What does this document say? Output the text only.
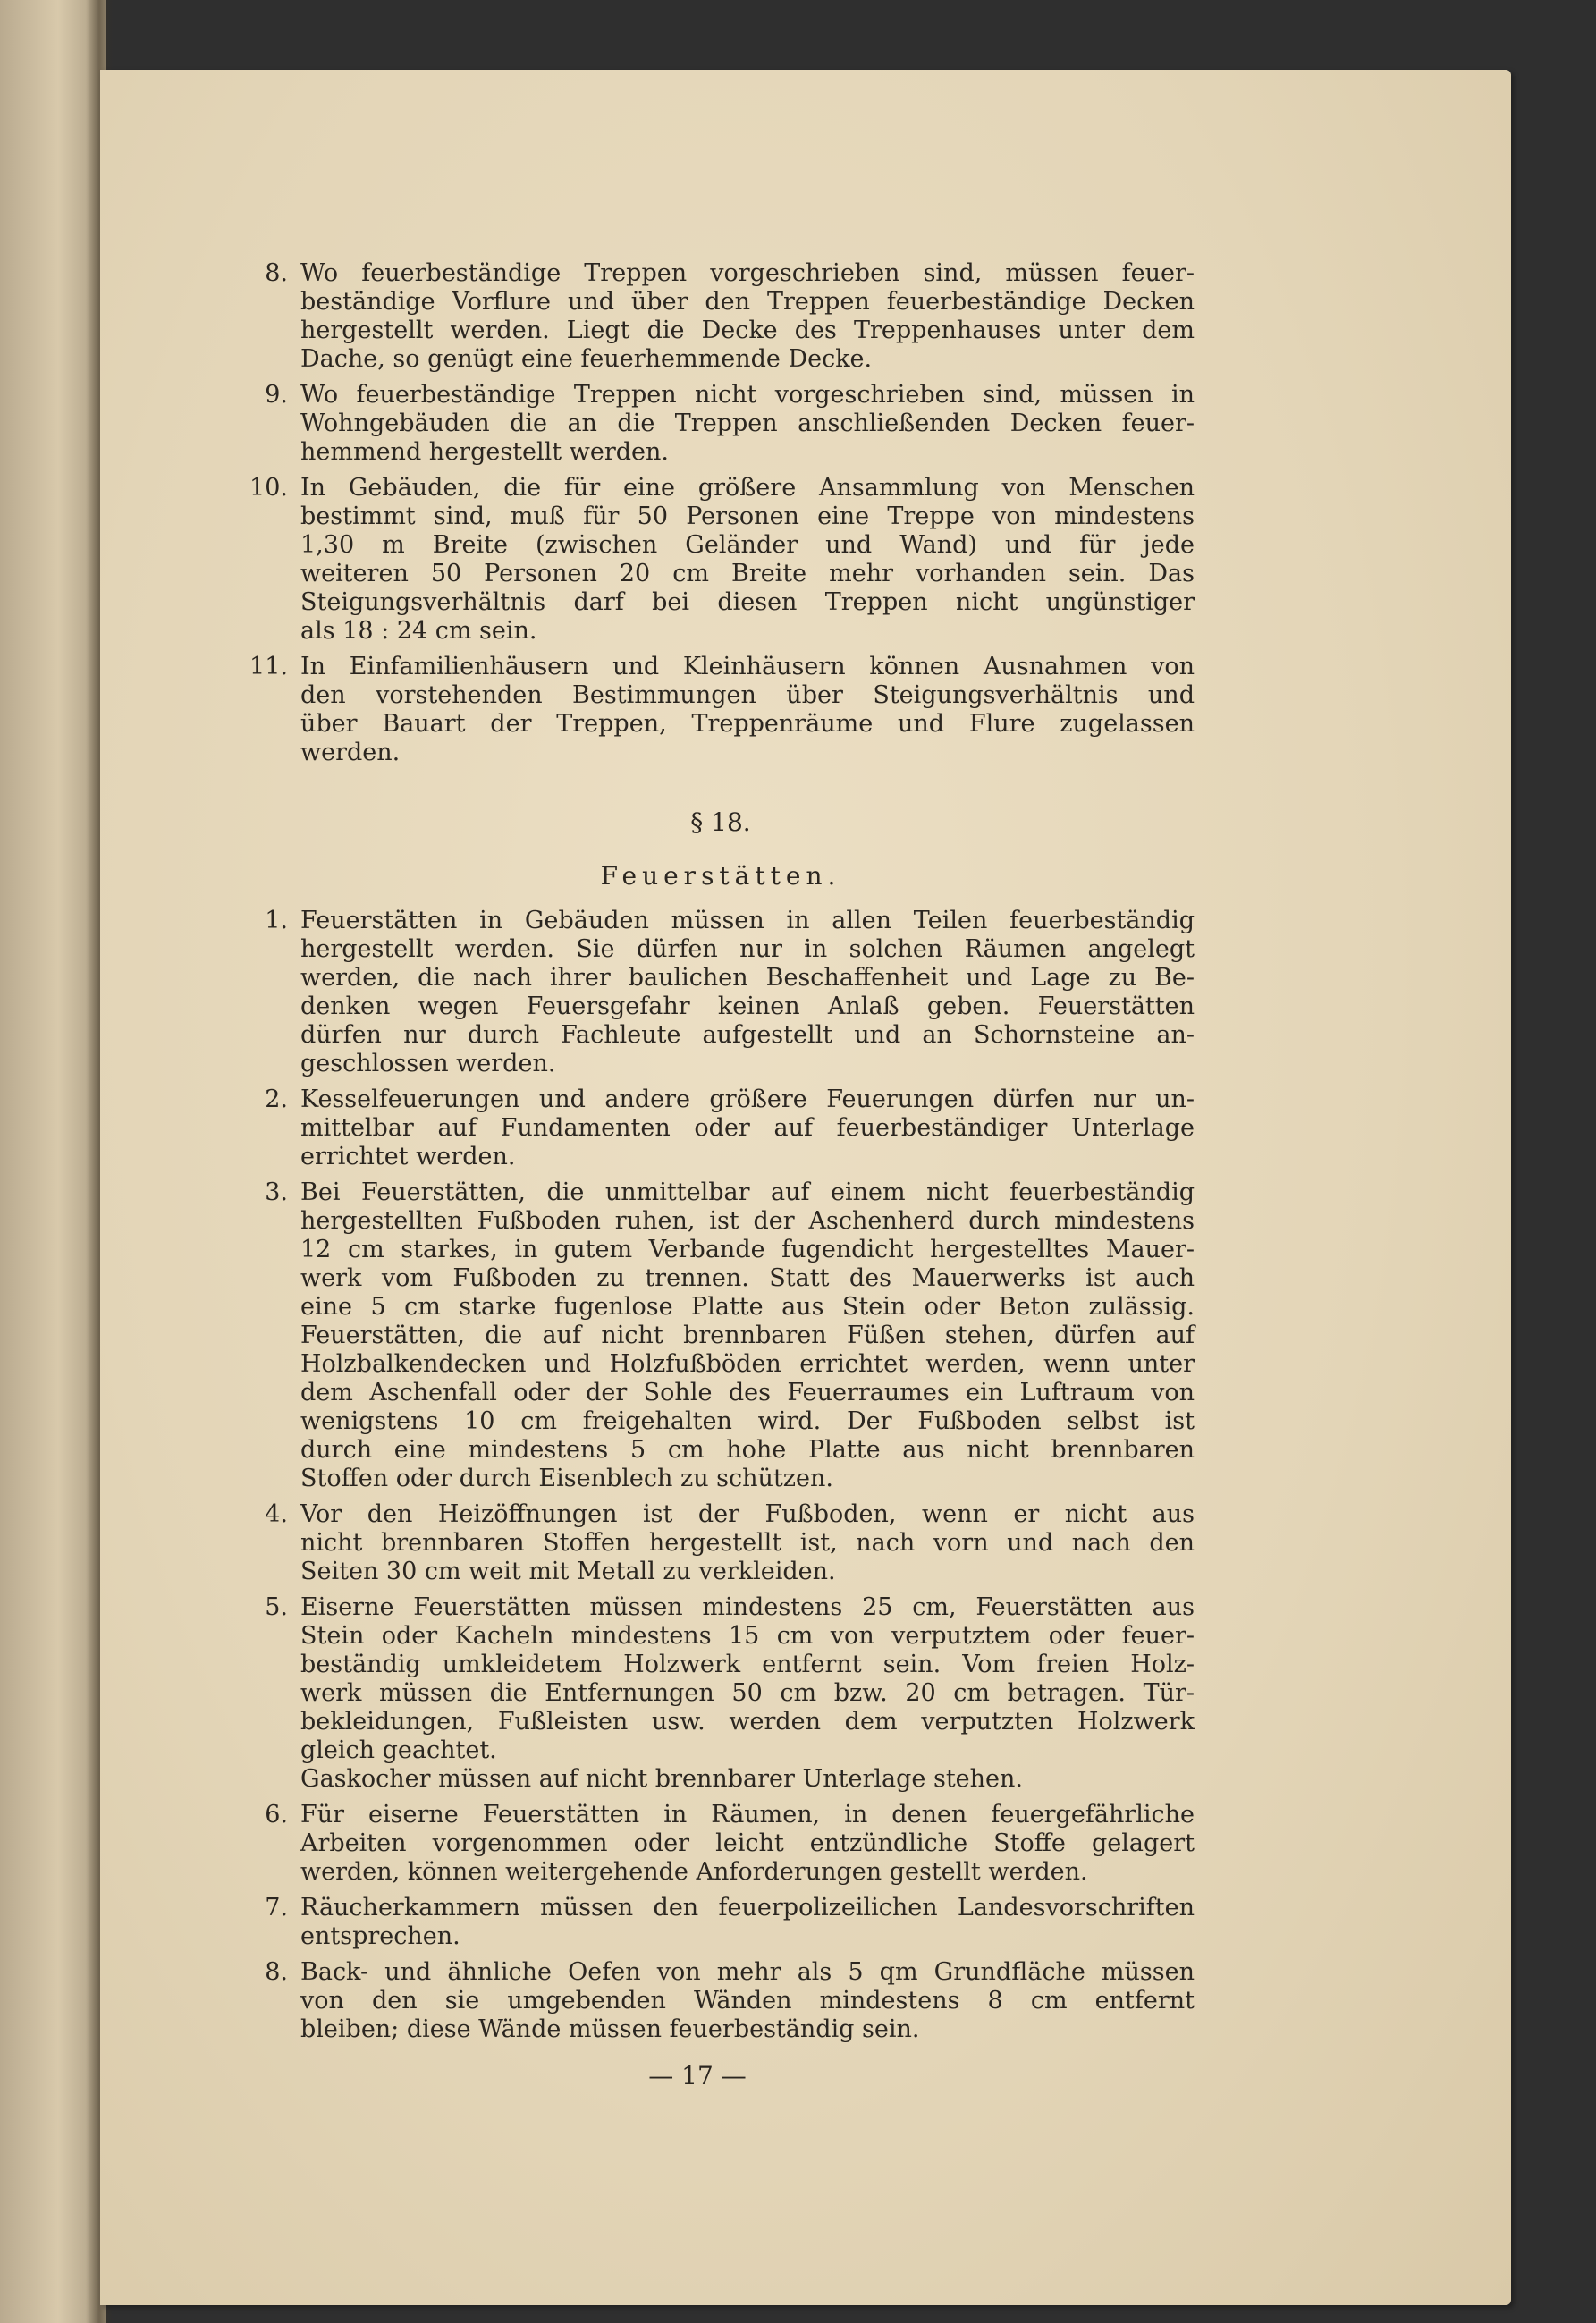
8. Wo feuerbeständige Treppen vorgeschrieben sind, müssen feuer-
beständige Vorflure und über den Treppen feuerbeständige Decken
hergestellt werden. Liegt die Decke des Treppenhauses unter dem
Dache, so genügt eine feuerhemmende Decke.
9. Wo feuerbeständige Treppen nicht vorgeschrieben sind, müssen in
Wohngebäuden die an die Treppen anschließenden Decken feuer-
hemmend hergestellt werden.
10. In Gebäuden, die für eine größere Ansammlung von Menschen
bestimmt sind, muß für 50 Personen eine Treppe von mindestens
1,30 m Breite (zwischen Geländer und Wand) und für jede
weiteren 50 Personen 20 cm Breite mehr vorhanden sein. Das
Steigungsverhältnis darf bei diesen Treppen nicht ungünstiger
als 18 : 24 cm sein.
11. In Einfamilienhäusern und Kleinhäusern können Ausnahmen von
den vorstehenden Bestimmungen über Steigungsverhältnis und
über Bauart der Treppen, Treppenräume und Flure zugelassen
werden.
§ 18.
Feuerstätten.
1. Feuerstätten in Gebäuden müssen in allen Teilen feuerbeständig
hergestellt werden. Sie dürfen nur in solchen Räumen angelegt
werden, die nach ihrer baulichen Beschaffenheit und Lage zu Be-
denken wegen Feuersgefahr keinen Anlaß geben. Feuerstätten
dürfen nur durch Fachleute aufgestellt und an Schornsteine an-
geschlossen werden.
2. Kesselfeuerungen und andere größere Feuerungen dürfen nur un-
mittelbar auf Fundamenten oder auf feuerbeständiger Unterlage
errichtet werden.
3. Bei Feuerstätten, die unmittelbar auf einem nicht feuerbeständig
hergestellten Fußboden ruhen, ist der Aschenherd durch mindestens
12 cm starkes, in gutem Verbande fugendicht hergestelltes Mauer-
werk vom Fußboden zu trennen. Statt des Mauerwerks ist auch
eine 5 cm starke fugenlose Platte aus Stein oder Beton zulässig.
Feuerstätten, die auf nicht brennbaren Füßen stehen, dürfen auf
Holzbalkendecken und Holzfußböden errichtet werden, wenn unter
dem Aschenfall oder der Sohle des Feuerraumes ein Luftraum von
wenigstens 10 cm freigehalten wird. Der Fußboden selbst ist
durch eine mindestens 5 cm hohe Platte aus nicht brennbaren
Stoffen oder durch Eisenblech zu schützen.
4. Vor den Heizöffnungen ist der Fußboden, wenn er nicht aus
nicht brennbaren Stoffen hergestellt ist, nach vorn und nach den
Seiten 30 cm weit mit Metall zu verkleiden.
5. Eiserne Feuerstätten müssen mindestens 25 cm, Feuerstätten aus
Stein oder Kacheln mindestens 15 cm von verputztem oder feuer-
beständig umkleidetem Holzwerk entfernt sein. Vom freien Holz-
werk müssen die Entfernungen 50 cm bzw. 20 cm betragen. Tür-
bekleidungen, Fußleisten usw. werden dem verputzten Holzwerk
gleich geachtet.
Gaskocher müssen auf nicht brennbarer Unterlage stehen.
6. Für eiserne Feuerstätten in Räumen, in denen feuergefährliche
Arbeiten vorgenommen oder leicht entzündliche Stoffe gelagert
werden, können weitergehende Anforderungen gestellt werden.
7. Räucherkammern müssen den feuerpolizeilichen Landesvorschriften
entsprechen.
8. Back- und ähnliche Oefen von mehr als 5 qm Grundfläche müssen
von den sie umgebenden Wänden mindestens 8 cm entfernt
bleiben; diese Wände müssen feuerbeständig sein.
— 17 —
